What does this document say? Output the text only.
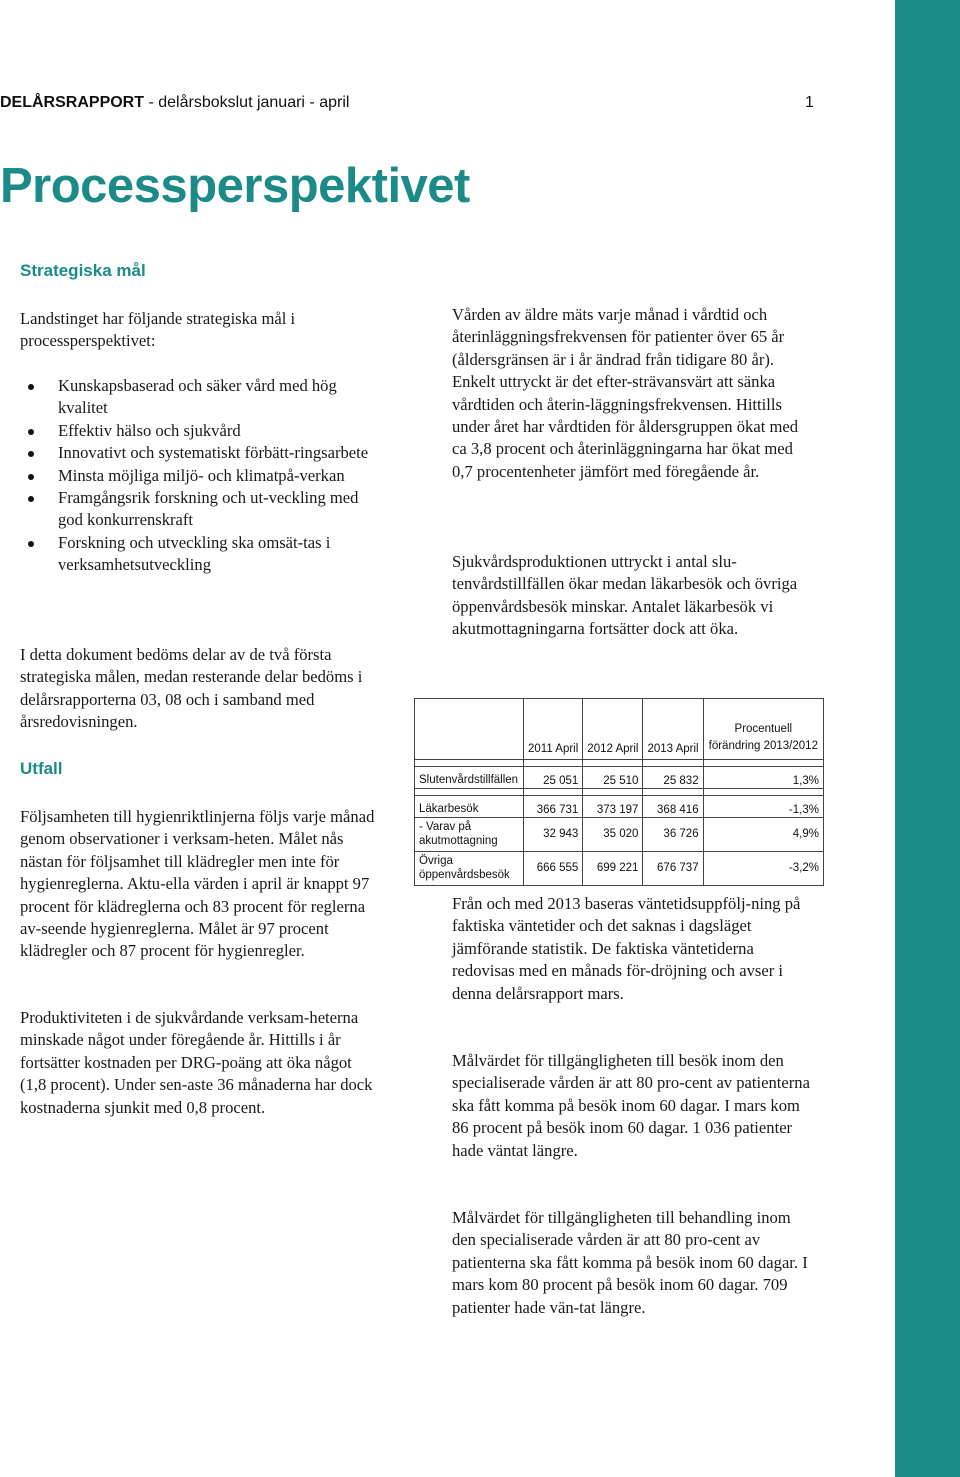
DELÅRSRAPPORT - delårsbokslut januari - april	1
Processperspektivet
Strategiska mål

Landstinget har följande strategiska mål i processperspektivet:

Kunskapsbaserad och säker vård med hög kvalitet
Effektiv hälso och sjukvård
Innovativt och systematiskt förbätt-ringsarbete
Minsta möjliga miljö- och klimatpå-verkan
Framgångsrik forskning och ut-veckling med god konkurrenskraft
Forskning och utveckling ska omsät-tas i verksamhetsutveckling

I detta dokument bedöms delar av de två första strategiska målen, medan resterande delar bedöms i delårsrapporterna 03, 08 och i samband med årsredovisningen.

Utfall

Följsamheten till hygienriktlinjerna följs varje månad genom observationer i verksam-heten. Målet nås nästan för följsamhet till klädregler men inte för hygienreglerna. Aktu-ella värden i april är knappt 97 procent för klädreglerna och 83 procent för reglerna av-seende hygienreglerna. Målet är 97 procent klädregler och 87 procent för hygienregler.

Produktiviteten i de sjukvårdande verksam-heterna minskade något under föregående år. Hittills i år fortsätter kostnaden per DRG-poäng att öka något (1,8 procent). Under sen-aste 36 månaderna har dock kostnaderna sjunkit med 0,8 procent.

Vården av äldre mäts varje månad i vårdtid och återinläggningsfrekvensen för patienter över 65 år (åldersgränsen är i år ändrad från tidigare 80 år). Enkelt uttryckt är det efter-strävansvärt att sänka vårdtiden och återin-läggningsfrekvensen. Hittills under året har vårdtiden för åldersgruppen ökat med ca 3,8 procent och återinläggningarna har ökat med 0,7 procentenheter jämfört med föregående år.

Sjukvårdsproduktionen uttryckt i antal slu-tenvårdstillfällen ökar medan läkarbesök och övriga öppenvårdsbesök minskar. Antalet läkarbesök vi akutmottagningarna fortsätter dock att öka.

	2011 April	2012 April	2013 April	Procentuell förändring 2013/2012

Slutenvårdstillfällen	25 051	25 510	25 832	1,3%

Läkarbesök	366 731	373 197	368 416	-1,3%
- Varav på akutmottagning	32 943	35 020	36 726	4,9%
Övriga öppenvårdsbesök	666 555	699 221	676 737	-3,2%

Från och med 2013 baseras väntetidsuppfölj-ning på faktiska väntetider och det saknas i dagsläget jämförande statistik. De faktiska väntetiderna redovisas med en månads för-dröjning och avser i denna delårsrapport mars.

Målvärdet för tillgängligheten till besök inom den specialiserade vården är att 80 pro-cent av patienterna ska fått komma på besök inom 60 dagar. I mars kom 86 procent på besök inom 60 dagar. 1 036 patienter hade väntat längre.

Målvärdet för tillgängligheten till behandling inom den specialiserade vården är att 80 pro-cent av patienterna ska fått komma på besök inom 60 dagar. I mars kom 80 procent på besök inom 60 dagar. 709 patienter hade vän-tat längre.
